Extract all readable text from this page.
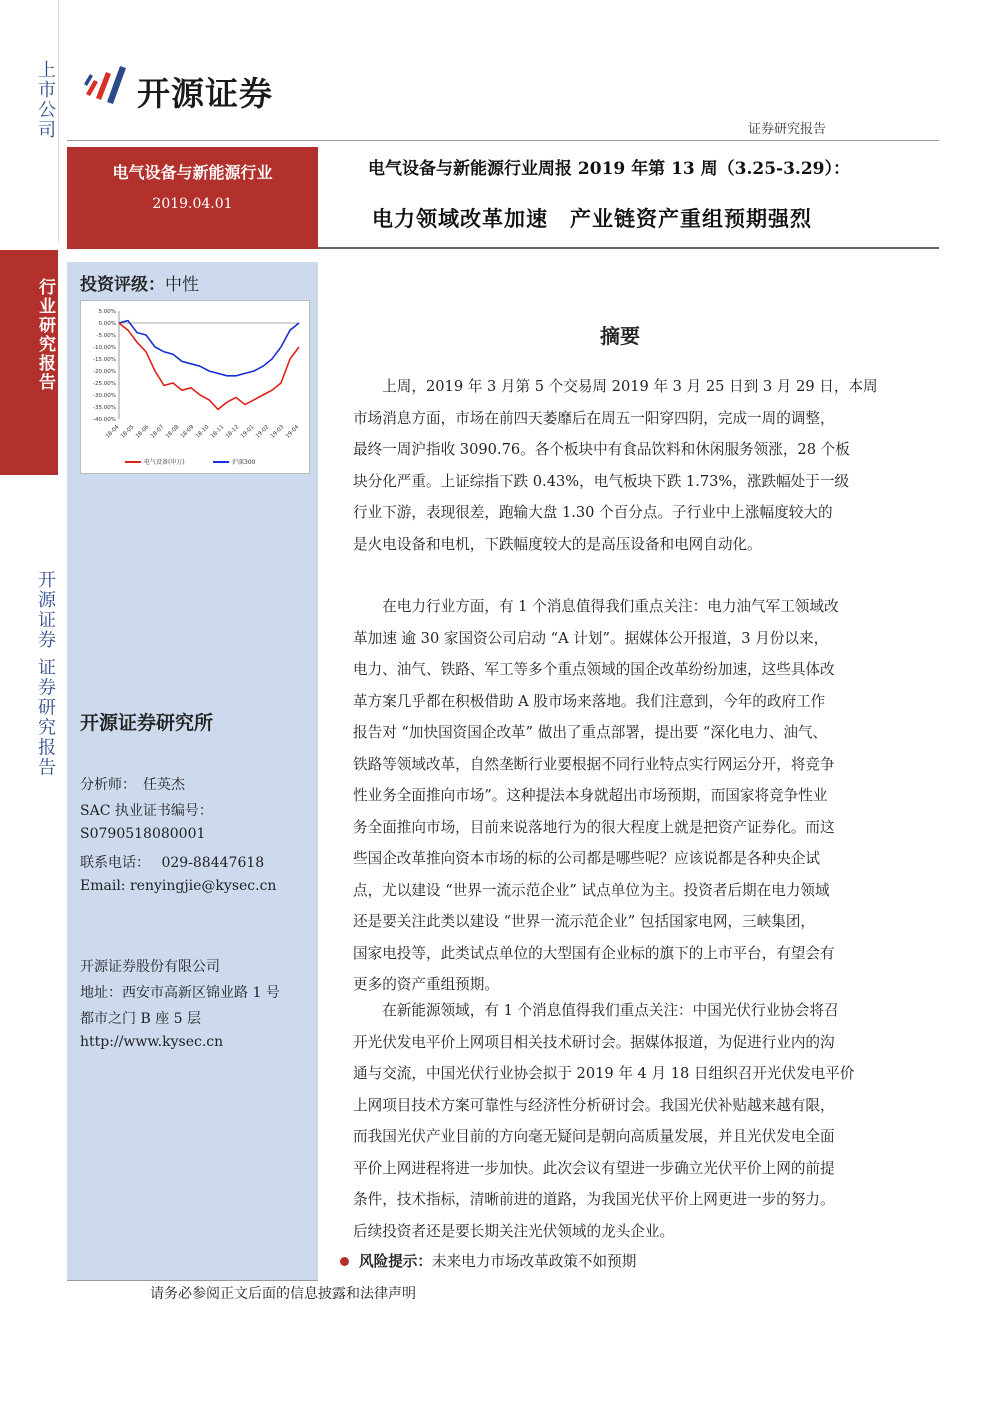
上市公司
行业研究报告
开源证券 证券研究报告
开源证券
证券研究报告
电气设备与新能源行业
2019.04.01
电气设备与新能源行业周报 2019 年第 13 周（3.25-3.29）：
电力领域改革加速　产业链资产重组预期强烈
投资评级：中性
5.00%
0.00%
-5.00%
-10.00%
-15.00%
-20.00%
-25.00%
-30.00%
-35.00%
-40.00%
18-04 18-05 18-06 18-07 18-08 18-09 18-10 18-11 18-12 19-01 19-02 19-03 19-04
电气设备(申万)	沪深300
开源证券研究所
分析师：　任英杰
SAC 执业证书编号：
S0790518080001
联系电话：　 029-88447618
Email: renyingjie@kysec.cn
开源证券股份有限公司
地址：西安市高新区锦业路 1 号
都市之门 B 座 5 层
http://www.kysec.cn
摘要
　　上周，2019 年 3 月第 5 个交易周 2019 年 3 月 25 日到 3 月 29 日，本周
市场消息方面，市场在前四天萎靡后在周五一阳穿四阴，完成一周的调整，
最终一周沪指收 3090.76。各个板块中有食品饮料和休闲服务领涨，28 个板
块分化严重。上证综指下跌 0.43%，电气板块下跌 1.73%，涨跌幅处于一级
行业下游，表现很差，跑输大盘 1.30 个百分点。子行业中上涨幅度较大的
是火电设备和电机，下跌幅度较大的是高压设备和电网自动化。
　　在电力行业方面，有 1 个消息值得我们重点关注：电力油气军工领域改
革加速 逾 30 家国资公司启动 “A 计划”。据媒体公开报道，3 月份以来，
电力、油气、铁路、军工等多个重点领域的国企改革纷纷加速，这些具体改
革方案几乎都在积极借助 A 股市场来落地。我们注意到，今年的政府工作
报告对 “加快国资国企改革” 做出了重点部署，提出要 “深化电力、油气、
铁路等领域改革，自然垄断行业要根据不同行业特点实行网运分开，将竞争
性业务全面推向市场”。这种提法本身就超出市场预期，而国家将竞争性业
务全面推向市场，目前来说落地行为的很大程度上就是把资产证券化。而这
些国企改革推向资本市场的标的公司都是哪些呢？应该说都是各种央企试
点，尤以建设 “世界一流示范企业” 试点单位为主。投资者后期在电力领域
还是要关注此类以建设 “世界一流示范企业” 包括国家电网，三峡集团，
国家电投等，此类试点单位的大型国有企业标的旗下的上市平台，有望会有
更多的资产重组预期。
　　在新能源领域，有 1 个消息值得我们重点关注：中国光伏行业协会将召
开光伏发电平价上网项目相关技术研讨会。据媒体报道，为促进行业内的沟
通与交流，中国光伏行业协会拟于 2019 年 4 月 18 日组织召开光伏发电平价
上网项目技术方案可靠性与经济性分析研讨会。我国光伏补贴越来越有限，
而我国光伏产业目前的方向毫无疑问是朝向高质量发展，并且光伏发电全面
平价上网进程将进一步加快。此次会议有望进一步确立光伏平价上网的前提
条件，技术指标，清晰前进的道路，为我国光伏平价上网更进一步的努力。
后续投资者还是要长期关注光伏领域的龙头企业。
风险提示：未来电力市场改革政策不如预期
请务必参阅正文后面的信息披露和法律声明
